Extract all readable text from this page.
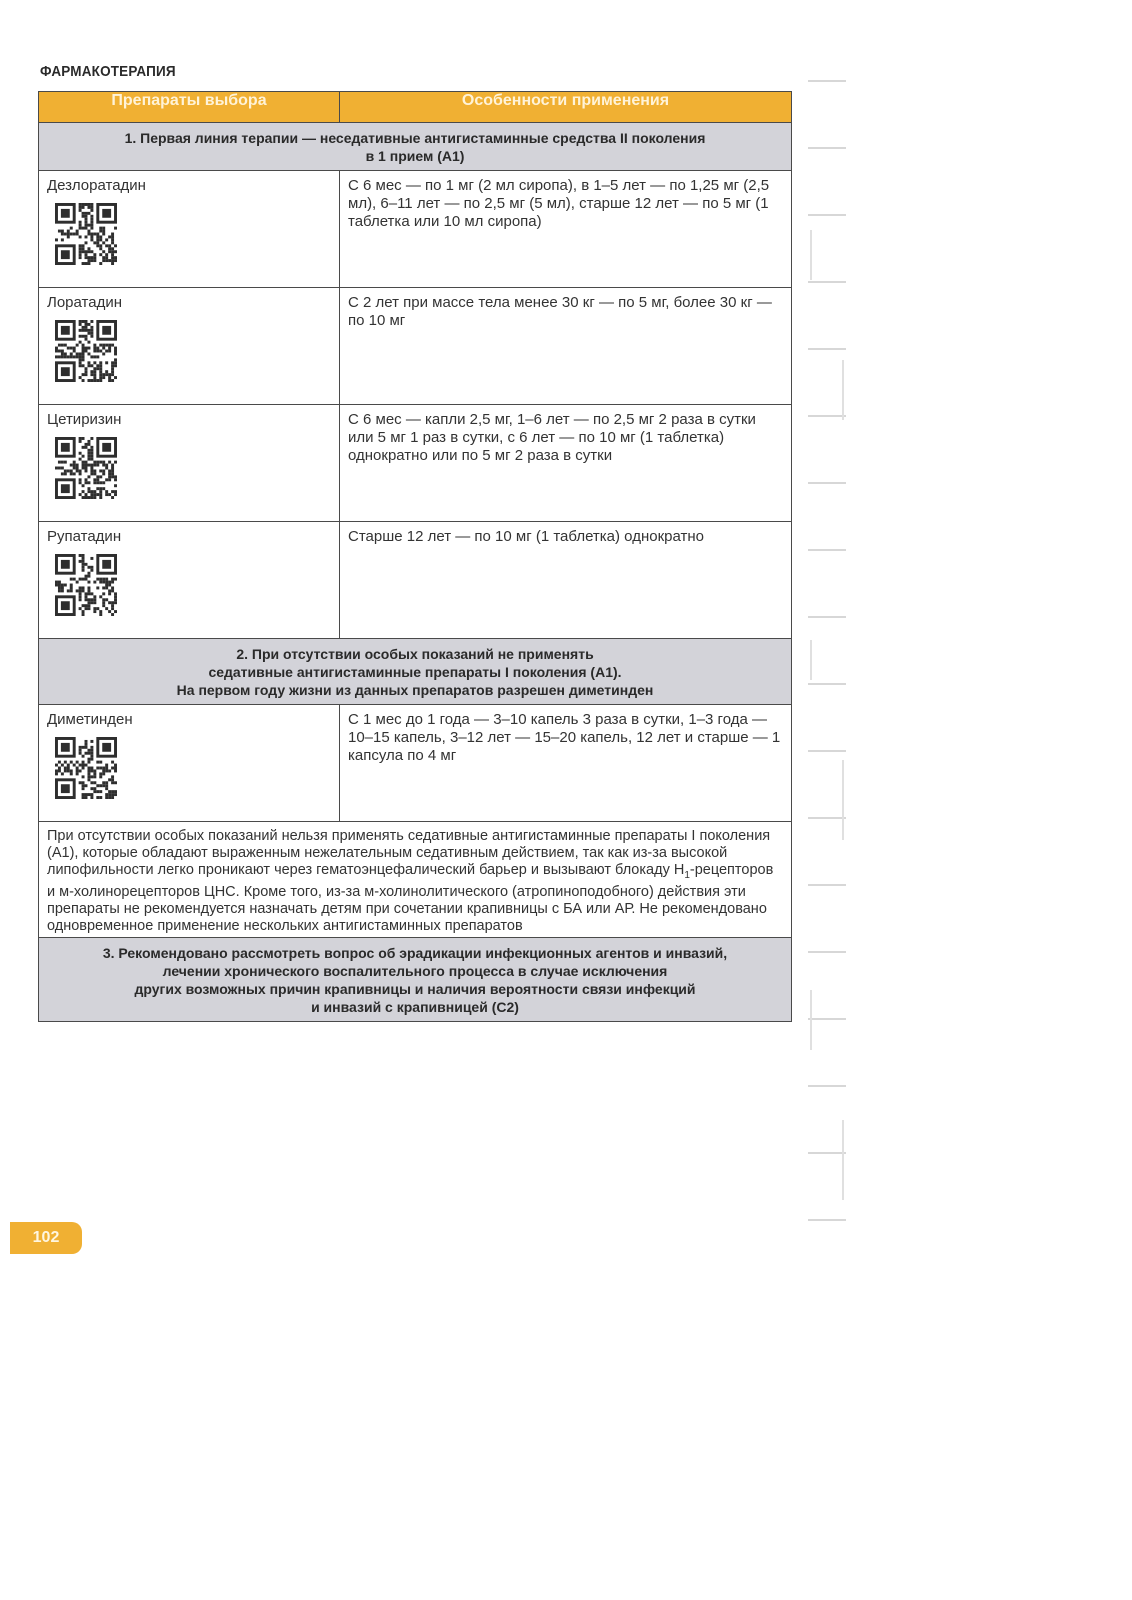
ФАРМАКОТЕРАПИЯ
Препараты выбора	Особенности применения

1. Первая линия терапии — неседативные антигистаминные средства II поколения
в 1 прием (А1)	

Дезлоратадин	С 6 мес — по 1 мг (2 мл сиропа), в 1–5 лет — по 1,25 мг (2,5 мл), 6–11 лет — по 2,5 мг (5 мл), старше 12 лет — по 5 мг (1 таблетка или 10 мл сиропа)

Лоратадин	С 2 лет при массе тела менее 30 кг — по 5 мг, более 30 кг — по 10 мг

Цетиризин	С 6 мес — капли 2,5 мг, 1–6 лет — по 2,5 мг 2 раза в сутки или 5 мг 1 раз в сутки, с 6 лет — по 10 мг (1 таблетка) однократно или по 5 мг 2 раза в сутки

Рупатадин	Старше 12 лет — по 10 мг (1 таблетка) однократно

2. При отсутствии особых показаний не применять
седативные антигистаминные препараты I поколения (А1).
На первом году жизни из данных препаратов разрешен диметинден	

Диметинден	С 1 мес до 1 года — 3–10 капель 3 раза в сутки, 1–3 года — 10–15 капель, 3–12 лет — 15–20 капель, 12 лет и старше — 1 капсула по 4 мг

При отсутствии особых показаний нельзя применять седативные антигистаминные препараты I поколения (А1), которые обладают выраженным нежелательным седативным действием, так как из-за высокой липофильности легко проникают через гематоэнцефалический барьер и вызывают блокаду $H_1$-рецепторов и м-холинорецепторов ЦНС. Кроме того, из-за м-холинолитического (атропиноподобного) действия эти препараты не рекомендуется назначать детям при сочетании крапивницы с БА или АР. Не рекомендовано одновременное применение нескольких антигистаминных препаратов	

3. Рекомендовано рассмотреть вопрос об эрадикации инфекционных агентов и инвазий,
лечении хронического воспалительного процесса в случае исключения
других возможных причин крапивницы и наличия вероятности связи инфекций
и инвазий с крапивницей (С2)	
102
